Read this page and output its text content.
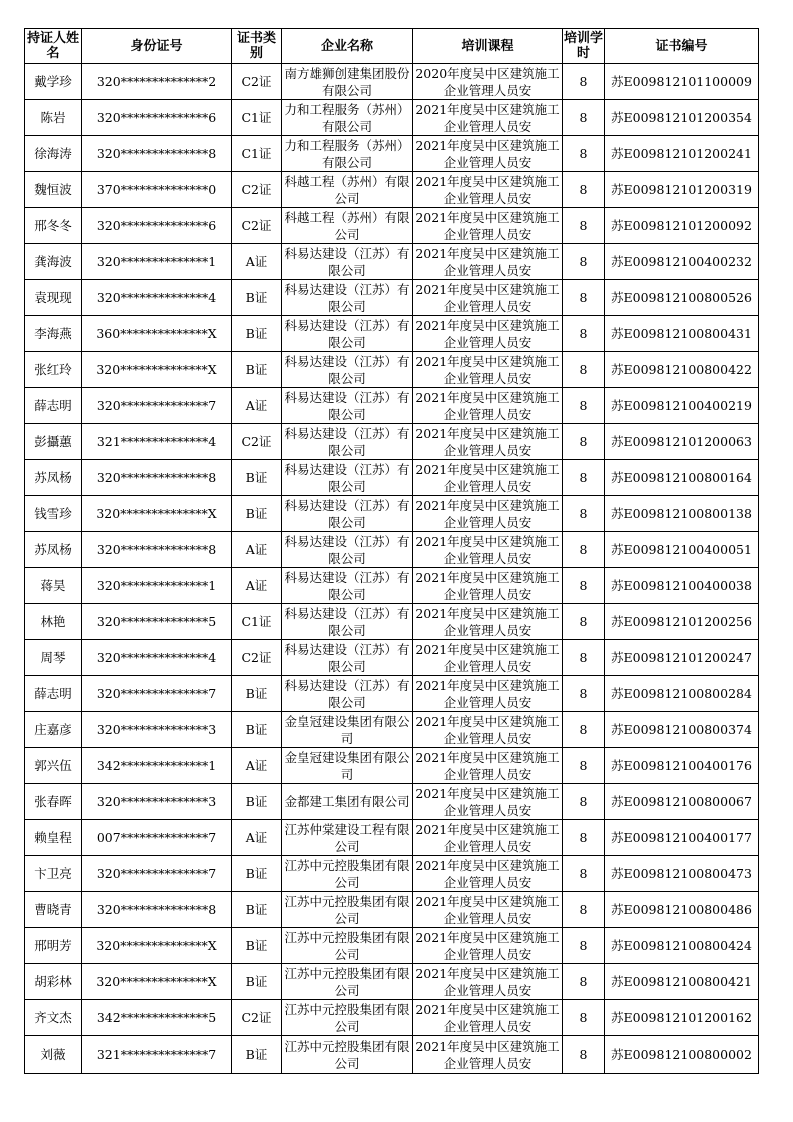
持证人姓名	身份证号	证书类别	企业名称	培训课程	培训学时	证书编号
戴学珍	320**************2	C2证	南方雄狮创建集团股份有限公司	2020年度吴中区建筑施工企业管理人员安	8	苏E009812101100009
陈岩	320**************6	C1证	力和工程服务（苏州）有限公司	2021年度吴中区建筑施工企业管理人员安	8	苏E009812101200354
徐海涛	320**************8	C1证	力和工程服务（苏州）有限公司	2021年度吴中区建筑施工企业管理人员安	8	苏E009812101200241
魏恒波	370**************0	C2证	科越工程（苏州）有限公司	2021年度吴中区建筑施工企业管理人员安	8	苏E009812101200319
邢冬冬	320**************6	C2证	科越工程（苏州）有限公司	2021年度吴中区建筑施工企业管理人员安	8	苏E009812101200092
龚海波	320**************1	A证	科易达建设（江苏）有限公司	2021年度吴中区建筑施工企业管理人员安	8	苏E009812100400232
袁现现	320**************4	B证	科易达建设（江苏）有限公司	2021年度吴中区建筑施工企业管理人员安	8	苏E009812100800526
李海燕	360**************X	B证	科易达建设（江苏）有限公司	2021年度吴中区建筑施工企业管理人员安	8	苏E009812100800431
张红玲	320**************X	B证	科易达建设（江苏）有限公司	2021年度吴中区建筑施工企业管理人员安	8	苏E009812100800422
薛志明	320**************7	A证	科易达建设（江苏）有限公司	2021年度吴中区建筑施工企业管理人员安	8	苏E009812100400219
彭攝蕙	321**************4	C2证	科易达建设（江苏）有限公司	2021年度吴中区建筑施工企业管理人员安	8	苏E009812101200063
苏凤杨	320**************8	B证	科易达建设（江苏）有限公司	2021年度吴中区建筑施工企业管理人员安	8	苏E009812100800164
钱雪珍	320**************X	B证	科易达建设（江苏）有限公司	2021年度吴中区建筑施工企业管理人员安	8	苏E009812100800138
苏凤杨	320**************8	A证	科易达建设（江苏）有限公司	2021年度吴中区建筑施工企业管理人员安	8	苏E009812100400051
蒋昊	320**************1	A证	科易达建设（江苏）有限公司	2021年度吴中区建筑施工企业管理人员安	8	苏E009812100400038
林艳	320**************5	C1证	科易达建设（江苏）有限公司	2021年度吴中区建筑施工企业管理人员安	8	苏E009812101200256
周琴	320**************4	C2证	科易达建设（江苏）有限公司	2021年度吴中区建筑施工企业管理人员安	8	苏E009812101200247
薛志明	320**************7	B证	科易达建设（江苏）有限公司	2021年度吴中区建筑施工企业管理人员安	8	苏E009812100800284
庄嘉彦	320**************3	B证	金皇冠建设集团有限公司	2021年度吴中区建筑施工企业管理人员安	8	苏E009812100800374
郭兴伍	342**************1	A证	金皇冠建设集团有限公司	2021年度吴中区建筑施工企业管理人员安	8	苏E009812100400176
张春晖	320**************3	B证	金都建工集团有限公司	2021年度吴中区建筑施工企业管理人员安	8	苏E009812100800067
赖皇程	007**************7	A证	江苏仲棠建设工程有限公司	2021年度吴中区建筑施工企业管理人员安	8	苏E009812100400177
卞卫亮	320**************7	B证	江苏中元控股集团有限公司	2021年度吴中区建筑施工企业管理人员安	8	苏E009812100800473
曹晓青	320**************8	B证	江苏中元控股集团有限公司	2021年度吴中区建筑施工企业管理人员安	8	苏E009812100800486
邢明芳	320**************X	B证	江苏中元控股集团有限公司	2021年度吴中区建筑施工企业管理人员安	8	苏E009812100800424
胡彩林	320**************X	B证	江苏中元控股集团有限公司	2021年度吴中区建筑施工企业管理人员安	8	苏E009812100800421
齐文杰	342**************5	C2证	江苏中元控股集团有限公司	2021年度吴中区建筑施工企业管理人员安	8	苏E009812101200162
刘薇	321**************7	B证	江苏中元控股集团有限公司	2021年度吴中区建筑施工企业管理人员安	8	苏E009812100800002
